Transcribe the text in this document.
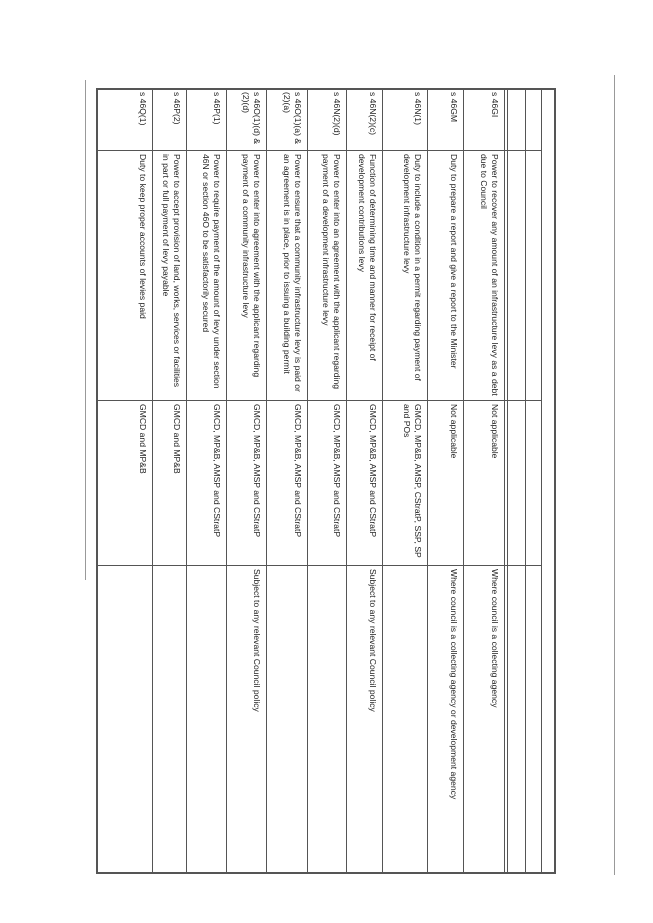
s 46GI
Power to recover any amount of an infrastructure levy as a debt due to Council
Not applicable
Where council is a collecting agency
s 46GM
Duty to prepare a report and give a report to the Minister
Not applicable
Where council is a collecting agency or development agency
s 46N(1)
Duty to include a condition in a permit regarding payment of development infrastructure levy
GMCD, MP&B, AMSP, CStratP, SSP, SP and POs
s 46N(2)(c)
Function of determining time and manner for receipt of development contributions levy
GMCD, MP&B, AMSP and CStratP
Subject to any relevant Council policy
s 46N(2)(d)
Power to enter into an agreement with the applicant regarding payment of a development infrastructure levy
GMCD, MP&B, AMSP and CStratP
s 46O(1)(a) & (2)(a)
Power to ensure that a community infrastructure levy is paid or an agreement is in place, prior to issuing a building permit
GMCD, MP&B, AMSP and CStratP
s 46O(1)(d) & (2)(d)
Power to enter into agreement with the applicant regarding payment of a community infrastructure levy
GMCD, MP&B, AMSP and CStratP
Subject to any relevant Council policy
s 46P(1)
Power to require payment of the amount of levy under section 46N or section 46O to be satisfactorily secured
GMCD, MP&B, AMSP and CStratP
s 46P(2)
Power to accept provision of land, works, services or facilities in part or full payment of levy payable
GMCD and MP&B
s 46Q(1)
Duty to keep proper accounts of levies paid
GMCD and MP&B
